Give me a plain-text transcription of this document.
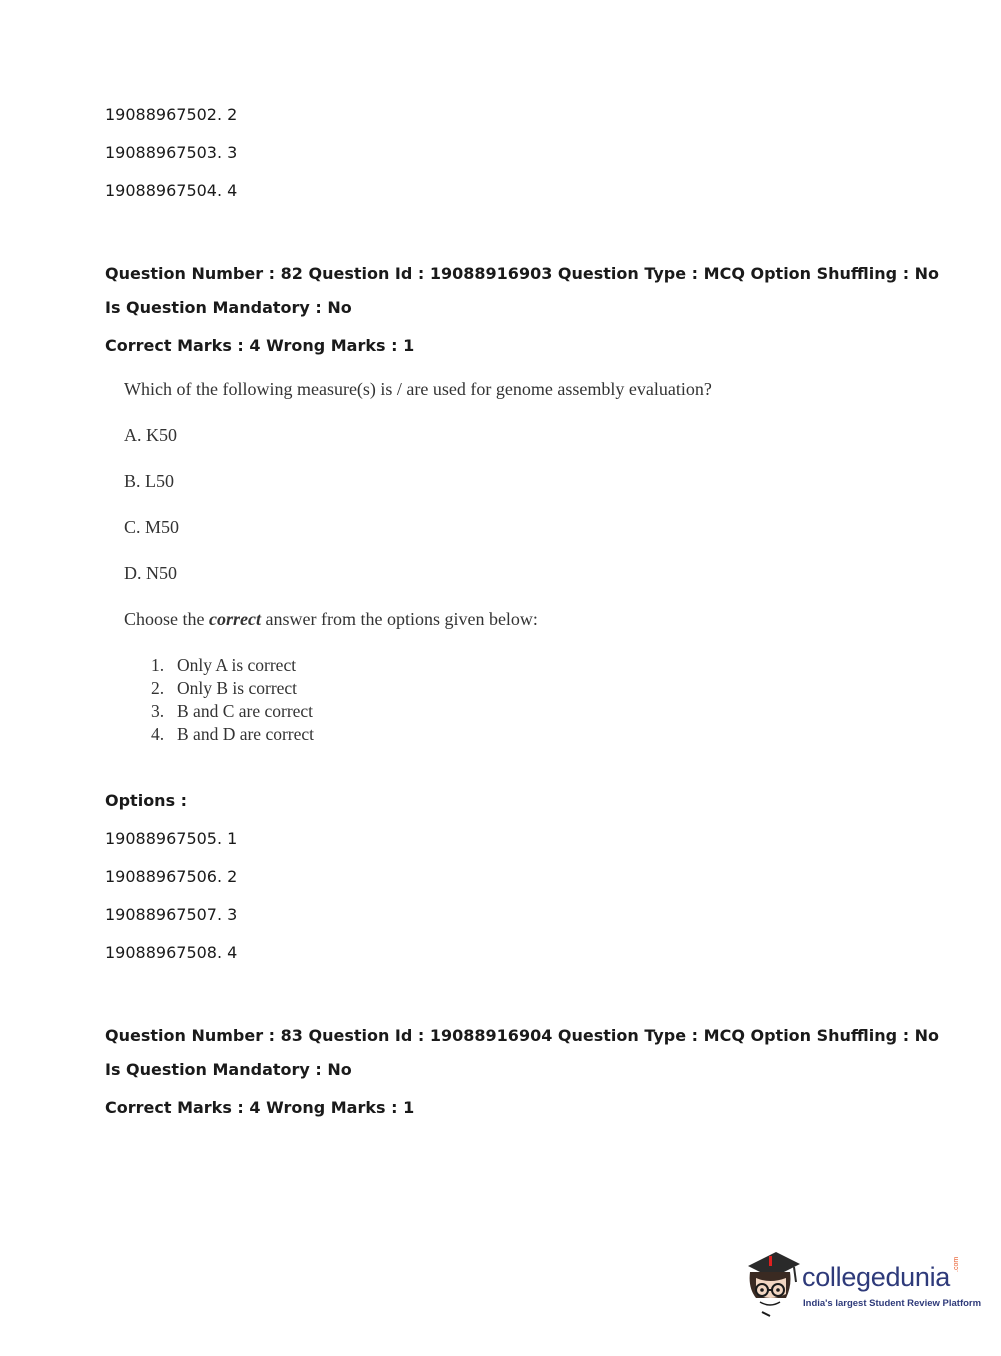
19088967502. 2
19088967503. 3
19088967504. 4
Question Number : 82 Question Id : 19088916903 Question Type : MCQ Option Shuffling : No
Is Question Mandatory : No
Correct Marks : 4 Wrong Marks : 1
Which of the following measure(s) is / are used for genome assembly evaluation?
A. K50
B. L50
C. M50
D. N50
Choose the correct answer from the options given below:
1. Only A is correct
2. Only B is correct
3. B and C are correct
4. B and D are correct
Options :
19088967505. 1
19088967506. 2
19088967507. 3
19088967508. 4
Question Number : 83 Question Id : 19088916904 Question Type : MCQ Option Shuffling : No
Is Question Mandatory : No
Correct Marks : 4 Wrong Marks : 1
collegedunia
India's largest Student Review Platform
.com
